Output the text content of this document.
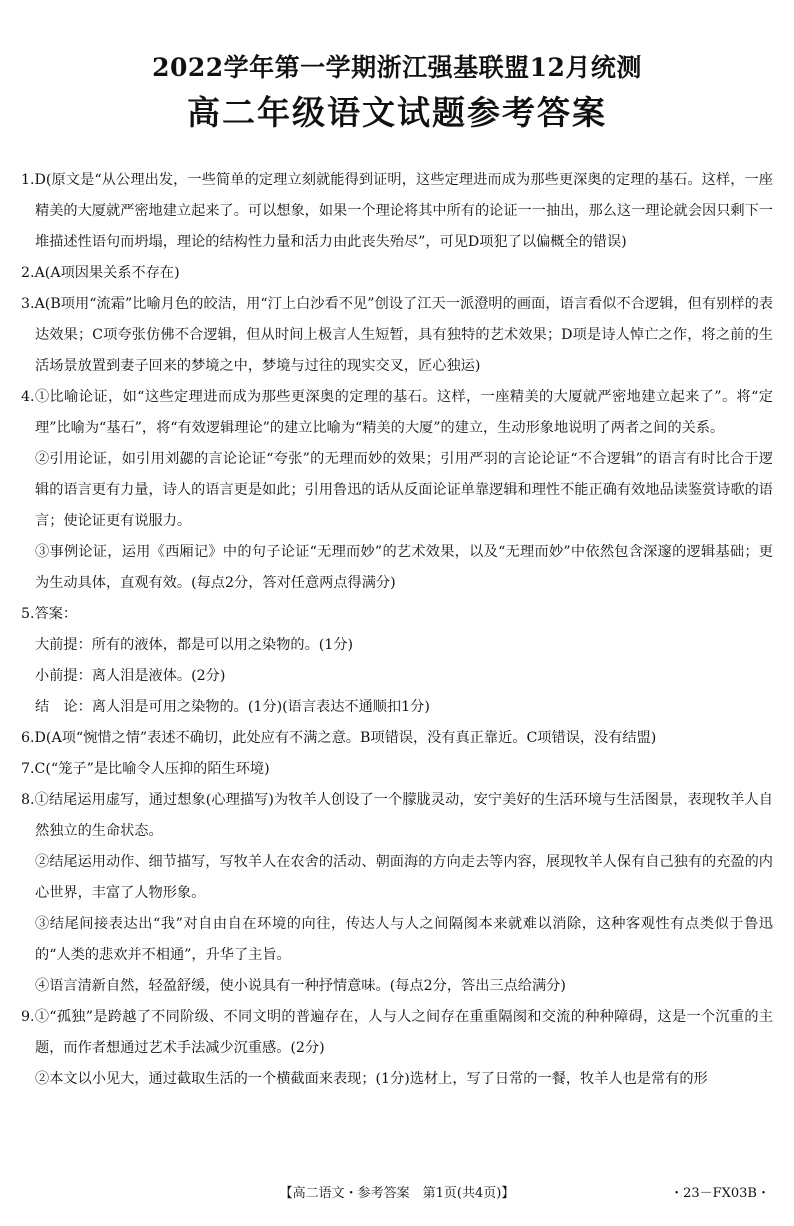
2022学年第一学期浙江强基联盟12月统测
高二年级语文试题参考答案

1.D(原文是“从公理出发，一些简单的定理立刻就能得到证明，这些定理进而成为那些更深奥的定理的基石。这样，一座精美的大厦就严密地建立起来了。可以想象，如果一个理论将其中所有的论证一一抽出，那么这一理论就会因只剩下一堆描述性语句而坍塌，理论的结构性力量和活力由此丧失殆尽”，可见D项犯了以偏概全的错误)

2.A(A项因果关系不存在)

3.A(B项用“流霜”比喻月色的皎洁，用“汀上白沙看不见”创设了江天一派澄明的画面，语言看似不合逻辑，但有别样的表达效果；C项夸张仿佛不合逻辑，但从时间上极言人生短暂，具有独特的艺术效果；D项是诗人悼亡之作，将之前的生活场景放置到妻子回来的梦境之中，梦境与过往的现实交叉，匠心独运)

4.①比喻论证，如“这些定理进而成为那些更深奥的定理的基石。这样，一座精美的大厦就严密地建立起来了”。将“定理”比喻为“基石”，将“有效逻辑理论”的建立比喻为“精美的大厦”的建立，生动形象地说明了两者之间的关系。

②引用论证，如引用刘勰的言论论证“夸张”的无理而妙的效果；引用严羽的言论论证“不合逻辑”的语言有时比合于逻辑的语言更有力量，诗人的语言更是如此；引用鲁迅的话从反面论证单靠逻辑和理性不能正确有效地品读鉴赏诗歌的语言；使论证更有说服力。

③事例论证，运用《西厢记》中的句子论证“无理而妙”的艺术效果，以及“无理而妙”中依然包含深邃的逻辑基础；更为生动具体，直观有效。(每点2分，答对任意两点得满分)

5.答案：

大前提：所有的液体，都是可以用之染物的。(1分)

小前提：离人泪是液体。(2分)

结　论：离人泪是可用之染物的。(1分)(语言表达不通顺扣1分)

6.D(A项“惋惜之情”表述不确切，此处应有不满之意。B项错误，没有真正靠近。C项错误，没有结盟)

7.C(“笼子”是比喻令人压抑的陌生环境)

8.①结尾运用虚写，通过想象(心理描写)为牧羊人创设了一个朦胧灵动，安宁美好的生活环境与生活图景，表现牧羊人自然独立的生命状态。

②结尾运用动作、细节描写，写牧羊人在农舍的活动、朝面海的方向走去等内容，展现牧羊人保有自己独有的充盈的内心世界，丰富了人物形象。

③结尾间接表达出“我”对自由自在环境的向往，传达人与人之间隔阂本来就难以消除，这种客观性有点类似于鲁迅的“人类的悲欢并不相通”，升华了主旨。

④语言清新自然，轻盈舒缓，使小说具有一种抒情意味。(每点2分，答出三点给满分)

9.①“孤独”是跨越了不同阶级、不同文明的普遍存在，人与人之间存在重重隔阂和交流的种种障碍，这是一个沉重的主题，而作者想通过艺术手法减少沉重感。(2分)

②本文以小见大，通过截取生活的一个横截面来表现；(1分)选材上，写了日常的一餐，牧羊人也是常有的形

【高二语文・参考答案　第1页(共4页)】	・23－FX03B・
